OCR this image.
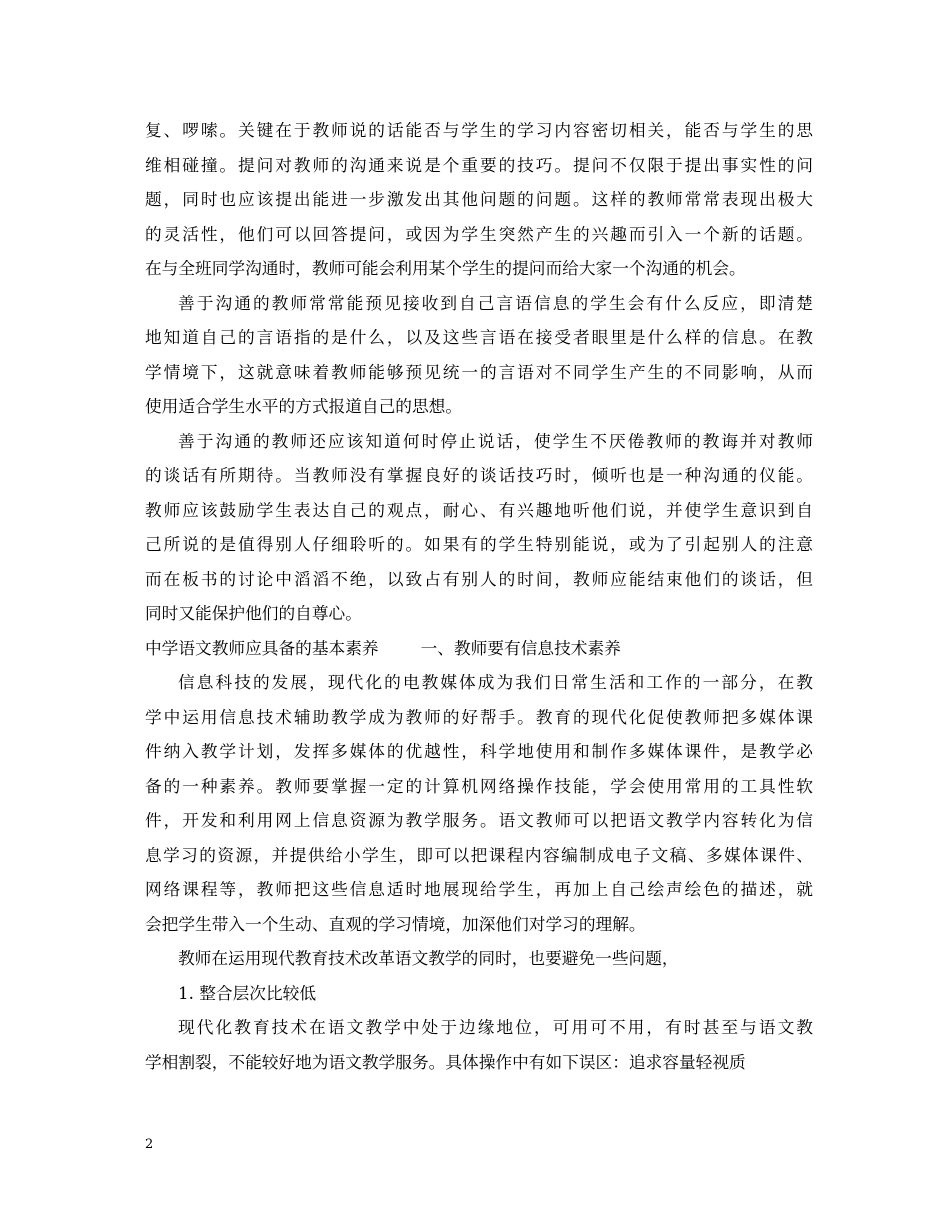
复、啰嗦。关键在于教师说的话能否与学生的学习内容密切相关，能否与学生的思
维相碰撞。提问对教师的沟通来说是个重要的技巧。提问不仅限于提出事实性的问
题，同时也应该提出能进一步激发出其他问题的问题。这样的教师常常表现出极大
的灵活性，他们可以回答提问，或因为学生突然产生的兴趣而引入一个新的话题。
在与全班同学沟通时，教师可能会利用某个学生的提问而给大家一个沟通的机会。
善于沟通的教师常常能预见接收到自己言语信息的学生会有什么反应，即清楚
地知道自己的言语指的是什么，以及这些言语在接受者眼里是什么样的信息。在教
学情境下，这就意味着教师能够预见统一的言语对不同学生产生的不同影响，从而
使用适合学生水平的方式报道自己的思想。
善于沟通的教师还应该知道何时停止说话，使学生不厌倦教师的教诲并对教师
的谈话有所期待。当教师没有掌握良好的谈话技巧时，倾听也是一种沟通的仪能。
教师应该鼓励学生表达自己的观点，耐心、有兴趣地听他们说，并使学生意识到自
己所说的是值得别人仔细聆听的。如果有的学生特别能说，或为了引起别人的注意
而在板书的讨论中滔滔不绝，以致占有别人的时间，教师应能结束他们的谈话，但
同时又能保护他们的自尊心。
中学语文教师应具备的基本素养	一、教师要有信息技术素养
信息科技的发展，现代化的电教媒体成为我们日常生活和工作的一部分，在教
学中运用信息技术辅助教学成为教师的好帮手。教育的现代化促使教师把多媒体课
件纳入教学计划，发挥多媒体的优越性，科学地使用和制作多媒体课件，是教学必
备的一种素养。教师要掌握一定的计算机网络操作技能，学会使用常用的工具性软
件，开发和利用网上信息资源为教学服务。语文教师可以把语文教学内容转化为信
息学习的资源，并提供给小学生，即可以把课程内容编制成电子文稿、多媒体课件、
网络课程等，教师把这些信息适时地展现给学生，再加上自己绘声绘色的描述，就
会把学生带入一个生动、直观的学习情境，加深他们对学习的理解。
教师在运用现代教育技术改革语文教学的同时，也要避免一些问题，
1. 整合层次比较低
现代化教育技术在语文教学中处于边缘地位，可用可不用，有时甚至与语文教
学相割裂，不能较好地为语文教学服务。具体操作中有如下误区：追求容量轻视质
2
